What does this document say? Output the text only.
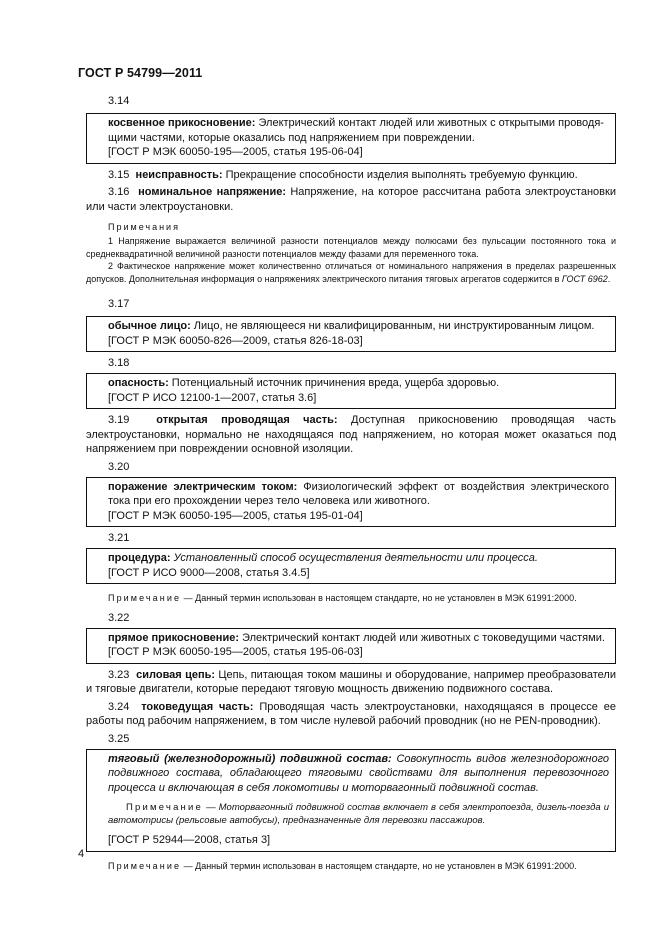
ГОСТ Р 54799—2011
3.14
косвенное прикосновение: Электрический контакт людей или животных с открытыми проводя-
щими частями, которые оказались под напряжением при повреждении.
[ГОСТ Р МЭК 60050-195—2005, статья 195-06-04]
3.15 неисправность: Прекращение способности изделия выполнять требуемую функцию.
3.16 номинальное напряжение: Напряжение, на которое рассчитана работа электроустановки или части электроустановки.
Примечания
1 Напряжение выражается величиной разности потенциалов между полюсами без пульсации постоянного тока и среднеквадратичной величиной разности потенциалов между фазами для переменного тока.
2 Фактическое напряжение может количественно отличаться от номинального напряжения в пределах разрешенных допусков. Дополнительная информация о напряжениях электрического питания тяговых агрегатов содержится в ГОСТ 6962.
3.17
обычное лицо: Лицо, не являющееся ни квалифицированным, ни инструктированным лицом.
[ГОСТ Р МЭК 60050-826—2009, статья 826-18-03]
3.18
опасность: Потенциальный источник причинения вреда, ущерба здоровью.
[ГОСТ Р ИСО 12100-1—2007, статья 3.6]
3.19 открытая проводящая часть: Доступная прикосновению проводящая часть электроустановки, нормально не находящаяся под напряжением, но которая может оказаться под напряжением при повреждении основной изоляции.
3.20
поражение электрическим током: Физиологический эффект от воздействия электрического тока при его прохождении через тело человека или животного.
[ГОСТ Р МЭК 60050-195—2005, статья 195-01-04]
3.21
процедура: Установленный способ осуществления деятельности или процесса.
[ГОСТ Р ИСО 9000—2008, статья 3.4.5]
Примечание — Данный термин использован в настоящем стандарте, но не установлен в МЭК 61991:2000.
3.22
прямое прикосновение: Электрический контакт людей или животных с токоведущими частями.
[ГОСТ Р МЭК 60050-195—2005, статья 195-06-03]
3.23 силовая цепь: Цепь, питающая током машины и оборудование, например преобразователи и тяговые двигатели, которые передают тяговую мощность движению подвижного состава.
3.24 токоведущая часть: Проводящая часть электроустановки, находящаяся в процессе ее работы под рабочим напряжением, в том числе нулевой рабочий проводник (но не PEN-проводник).
3.25
тяговый (железнодорожный) подвижной состав: Совокупность видов железнодорожного подвижного состава, обладающего тяговыми свойствами для выполнения перевозочного процесса и включающая в себя локомотивы и моторвагонный подвижной состав.
Примечание — Моторвагонный подвижной состав включает в себя электропоезда, дизель-поезда и автомотрисы (рельсовые автобусы), предназначенные для перевозки пассажиров.
[ГОСТ Р 52944—2008, статья 3]
Примечание — Данный термин использован в настоящем стандарте, но не установлен в МЭК 61991:2000.
4
